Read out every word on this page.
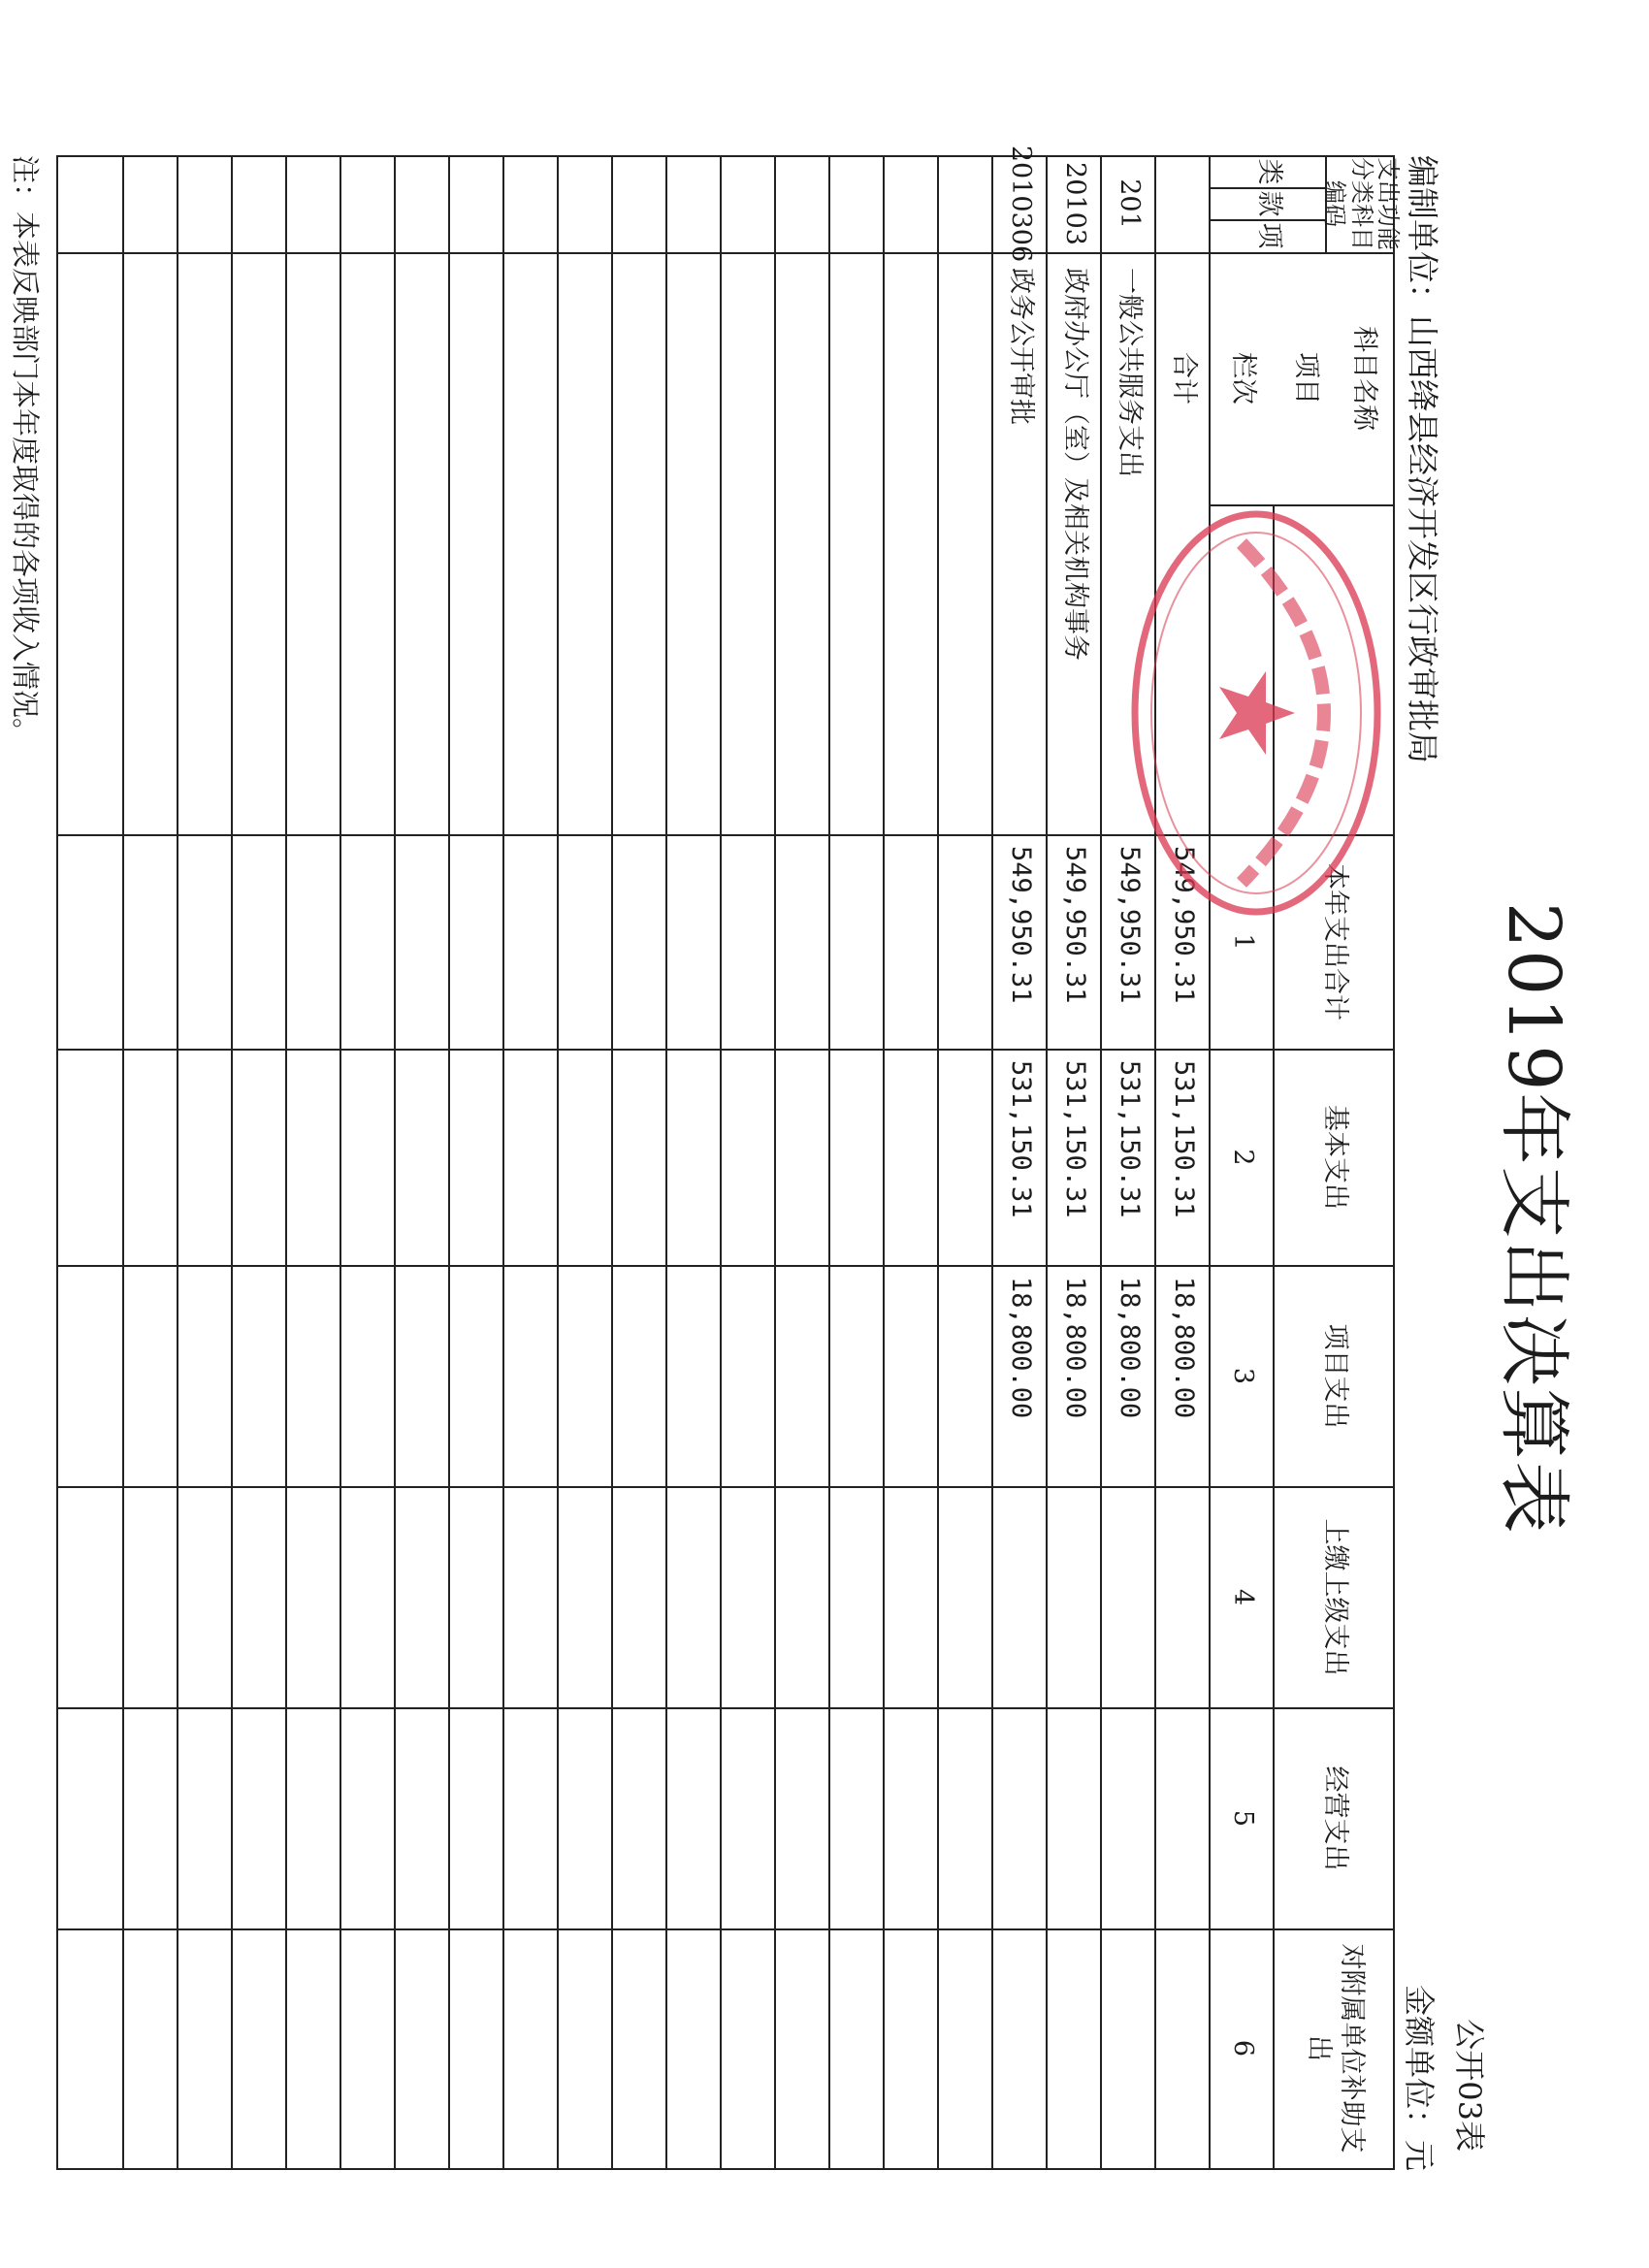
2019年支出决算表
公开03表
编制单位：山西绛县经济开发区行政审批局
金额单位：元
支出功能分类科目编码
类
款
项
科目名称
项目
栏次
合计
本年支出合计
基本支出
项目支出
上缴上级支出
经营支出
对附属单位补助支出
1
2
3
4
5
6
549,950.31
531,150.31
18,800.00
201
一般公共服务支出
549,950.31
531,150.31
18,800.00
20103
政府办公厅（室）及相关机构事务
549,950.31
531,150.31
18,800.00
2010306
政务公开审批
549,950.31
531,150.31
18,800.00
注：本表反映部门本年度取得的各项收入情况。
